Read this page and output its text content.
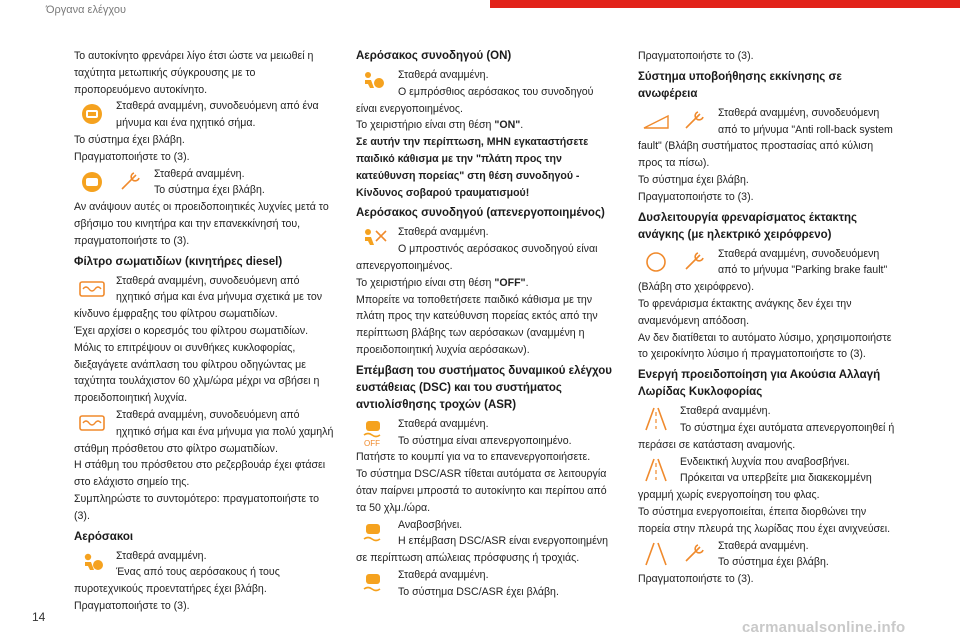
Όργανα ελέγχου

Το αυτοκίνητο φρενάρει λίγο έτσι ώστε να μειωθεί η ταχύτητα μετωπικής σύγκρουσης με το προπορευόμενο αυτοκίνητο.

Σταθερά αναμμένη, συνοδευόμενη από ένα μήνυμα και ένα ηχητικό σήμα.

Το σύστημα έχει βλάβη.

Πραγματοποιήστε το (3).

Σταθερά αναμμένη.

Το σύστημα έχει βλάβη.

Αν ανάψουν αυτές οι προειδοποιητικές λυχνίες μετά το σβήσιμο του κινητήρα και την επανεκκίνησή του, πραγματοποιήστε το (3).

Φίλτρο σωματιδίων (κινητήρες diesel)

Σταθερά αναμμένη, συνοδευόμενη από ηχητικό σήμα και ένα μήνυμα σχετικά με τον κίνδυνο έμφραξης του φίλτρου σωματιδίων.

Έχει αρχίσει ο κορεσμός του φίλτρου σωματιδίων.

Μόλις το επιτρέψουν οι συνθήκες κυκλοφορίας, διεξαγάγετε ανάπλαση του φίλτρου οδηγώντας με ταχύτητα τουλάχιστον 60 χλμ/ώρα μέχρι να σβήσει η προειδοποιητική λυχνία.

Σταθερά αναμμένη, συνοδευόμενη από ηχητικό σήμα και ένα μήνυμα για πολύ χαμηλή στάθμη πρόσθετου στο φίλτρο σωματιδίων.

Η στάθμη του πρόσθετου στο ρεζερβουάρ έχει φτάσει στο ελάχιστο σημείο της.

Συμπληρώστε το συντομότερο: πραγματοποιήστε το (3).

Αερόσακοι

Σταθερά αναμμένη.

Ένας από τους αερόσακους ή τους πυροτεχνικούς προεντατήρες έχει βλάβη.

Πραγματοποιήστε το (3).

Αερόσακος συνοδηγού (ON)

Σταθερά αναμμένη.

Ο εμπρόσθιος αερόσακος του συνοδηγού είναι ενεργοποιημένος.

Το χειριστήριο είναι στη θέση "ON".

Σε αυτήν την περίπτωση, ΜΗΝ εγκαταστήσετε παιδικό κάθισμα με την "πλάτη προς την κατεύθυνση πορείας" στη θέση συνοδηγού - Κίνδυνος σοβαρού τραυματισμού!

Αερόσακος συνοδηγού (απενεργοποιημένος)

Σταθερά αναμμένη.

Ο μπροστινός αερόσακος συνοδηγού είναι απενεργοποιημένος.

Το χειριστήριο είναι στη θέση "OFF".

Μπορείτε να τοποθετήσετε παιδικό κάθισμα με την πλάτη προς την κατεύθυνση πορείας εκτός από την περίπτωση βλάβης των αερόσακων (αναμμένη η προειδοποιητική λυχνία αερόσακων).

Επέμβαση του συστήματος δυναμικού ελέγχου ευστάθειας (DSC) και του συστήματος αντιολίσθησης τροχών (ASR)
OFF

Σταθερά αναμμένη.

Το σύστημα είναι απενεργοποιημένο.

Πατήστε το κουμπί για να το επανενεργοποιήσετε.

Το σύστημα DSC/ASR τίθεται αυτόματα σε λειτουργία όταν παίρνει μπροστά το αυτοκίνητο και περίπου από τα 50 χλμ./ώρα.

Αναβοσβήνει.

Η επέμβαση DSC/ASR είναι ενεργοποιημένη σε περίπτωση απώλειας πρόσφυσης ή τροχιάς.

Σταθερά αναμμένη.

Το σύστημα DSC/ASR έχει βλάβη.

Πραγματοποιήστε το (3).

Σύστημα υποβοήθησης εκκίνησης σε ανωφέρεια

Σταθερά αναμμένη, συνοδευόμενη από το μήνυμα "Anti roll-back system fault" (Βλάβη συστήματος προστασίας από κύλιση προς τα πίσω).

Το σύστημα έχει βλάβη.

Πραγματοποιήστε το (3).

Δυσλειτουργία φρεναρίσματος έκτακτης ανάγκης (με ηλεκτρικό χειρόφρενο)

Σταθερά αναμμένη, συνοδευόμενη από το μήνυμα "Parking brake fault" (Βλάβη στο χειρόφρενο).

Το φρενάρισμα έκτακτης ανάγκης δεν έχει την αναμενόμενη απόδοση.

Αν δεν διατίθεται το αυτόματο λύσιμο, χρησιμοποιήστε το χειροκίνητο λύσιμο ή πραγματοποιήστε το (3).

Ενεργή προειδοποίηση για Ακούσια Αλλαγή Λωρίδας Κυκλοφορίας

Σταθερά αναμμένη.

Το σύστημα έχει αυτόματα απενεργοποιηθεί ή περάσει σε κατάσταση αναμονής.

Ενδεικτική λυχνία που αναβοσβήνει.

Πρόκειται να υπερβείτε μια διακεκομμένη γραμμή χωρίς ενεργοποίηση του φλας.

Το σύστημα ενεργοποιείται, έπειτα διορθώνει την πορεία στην πλευρά της λωρίδας που έχει ανιχνεύσει.

Σταθερά αναμμένη.

Το σύστημα έχει βλάβη.

Πραγματοποιήστε το (3).

14
carmanualsonline.info
